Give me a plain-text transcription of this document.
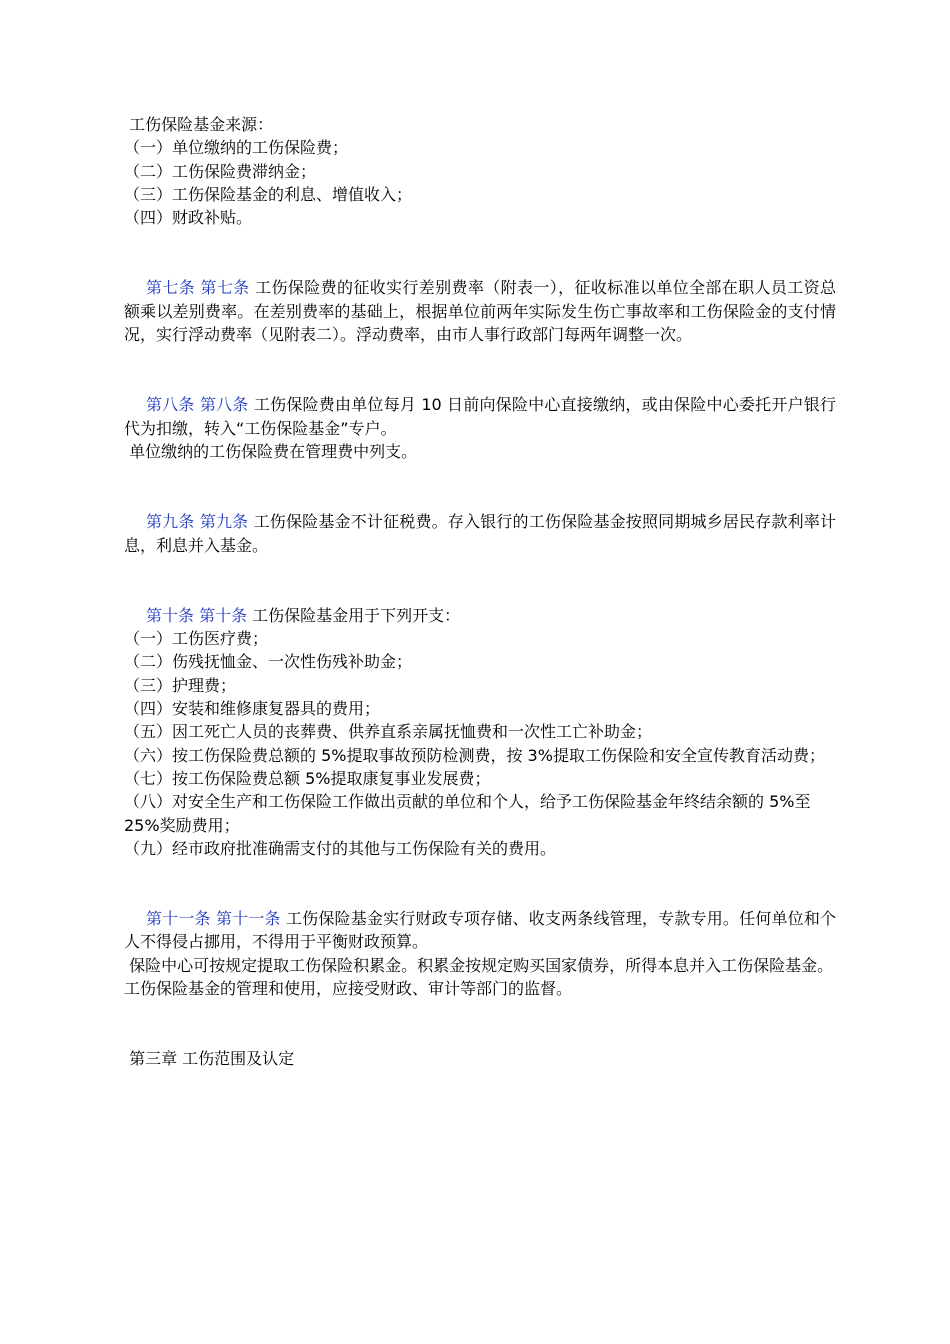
工伤保险基金来源：
（一）单位缴纳的工伤保险费；
（二）工伤保险费滞纳金；
（三）工伤保险基金的利息、增值收入；
（四）财政补贴。
第七条 第七条 工伤保险费的征收实行差别费率（附表一），征收标准以单位全部在职人员工资总额乘以差别费率。在差别费率的基础上，根据单位前两年实际发生伤亡事故率和工伤保险金的支付情况，实行浮动费率（见附表二）。浮动费率，由市人事行政部门每两年调整一次。
第八条 第八条 工伤保险费由单位每月 10 日前向保险中心直接缴纳，或由保险中心委托开户银行代为扣缴，转入“工伤保险基金”专户。
单位缴纳的工伤保险费在管理费中列支。
第九条 第九条 工伤保险基金不计征税费。存入银行的工伤保险基金按照同期城乡居民存款利率计息，利息并入基金。
第十条 第十条 工伤保险基金用于下列开支：
（一）工伤医疗费；
（二）伤残抚恤金、一次性伤残补助金；
（三）护理费；
（四）安装和维修康复器具的费用；
（五）因工死亡人员的丧葬费、供养直系亲属抚恤费和一次性工亡补助金；
（六）按工伤保险费总额的 5%提取事故预防检测费，按 3%提取工伤保险和安全宣传教育活动费；
（七）按工伤保险费总额 5%提取康复事业发展费；
（八）对安全生产和工伤保险工作做出贡献的单位和个人，给予工伤保险基金年终结余额的 5%至 25%奖励费用；
（九）经市政府批准确需支付的其他与工伤保险有关的费用。
第十一条 第十一条 工伤保险基金实行财政专项存储、收支两条线管理，专款专用。任何单位和个人不得侵占挪用，不得用于平衡财政预算。
保险中心可按规定提取工伤保险积累金。积累金按规定购买国家债券，所得本息并入工伤保险基金。工伤保险基金的管理和使用，应接受财政、审计等部门的监督。
第三章 工伤范围及认定
